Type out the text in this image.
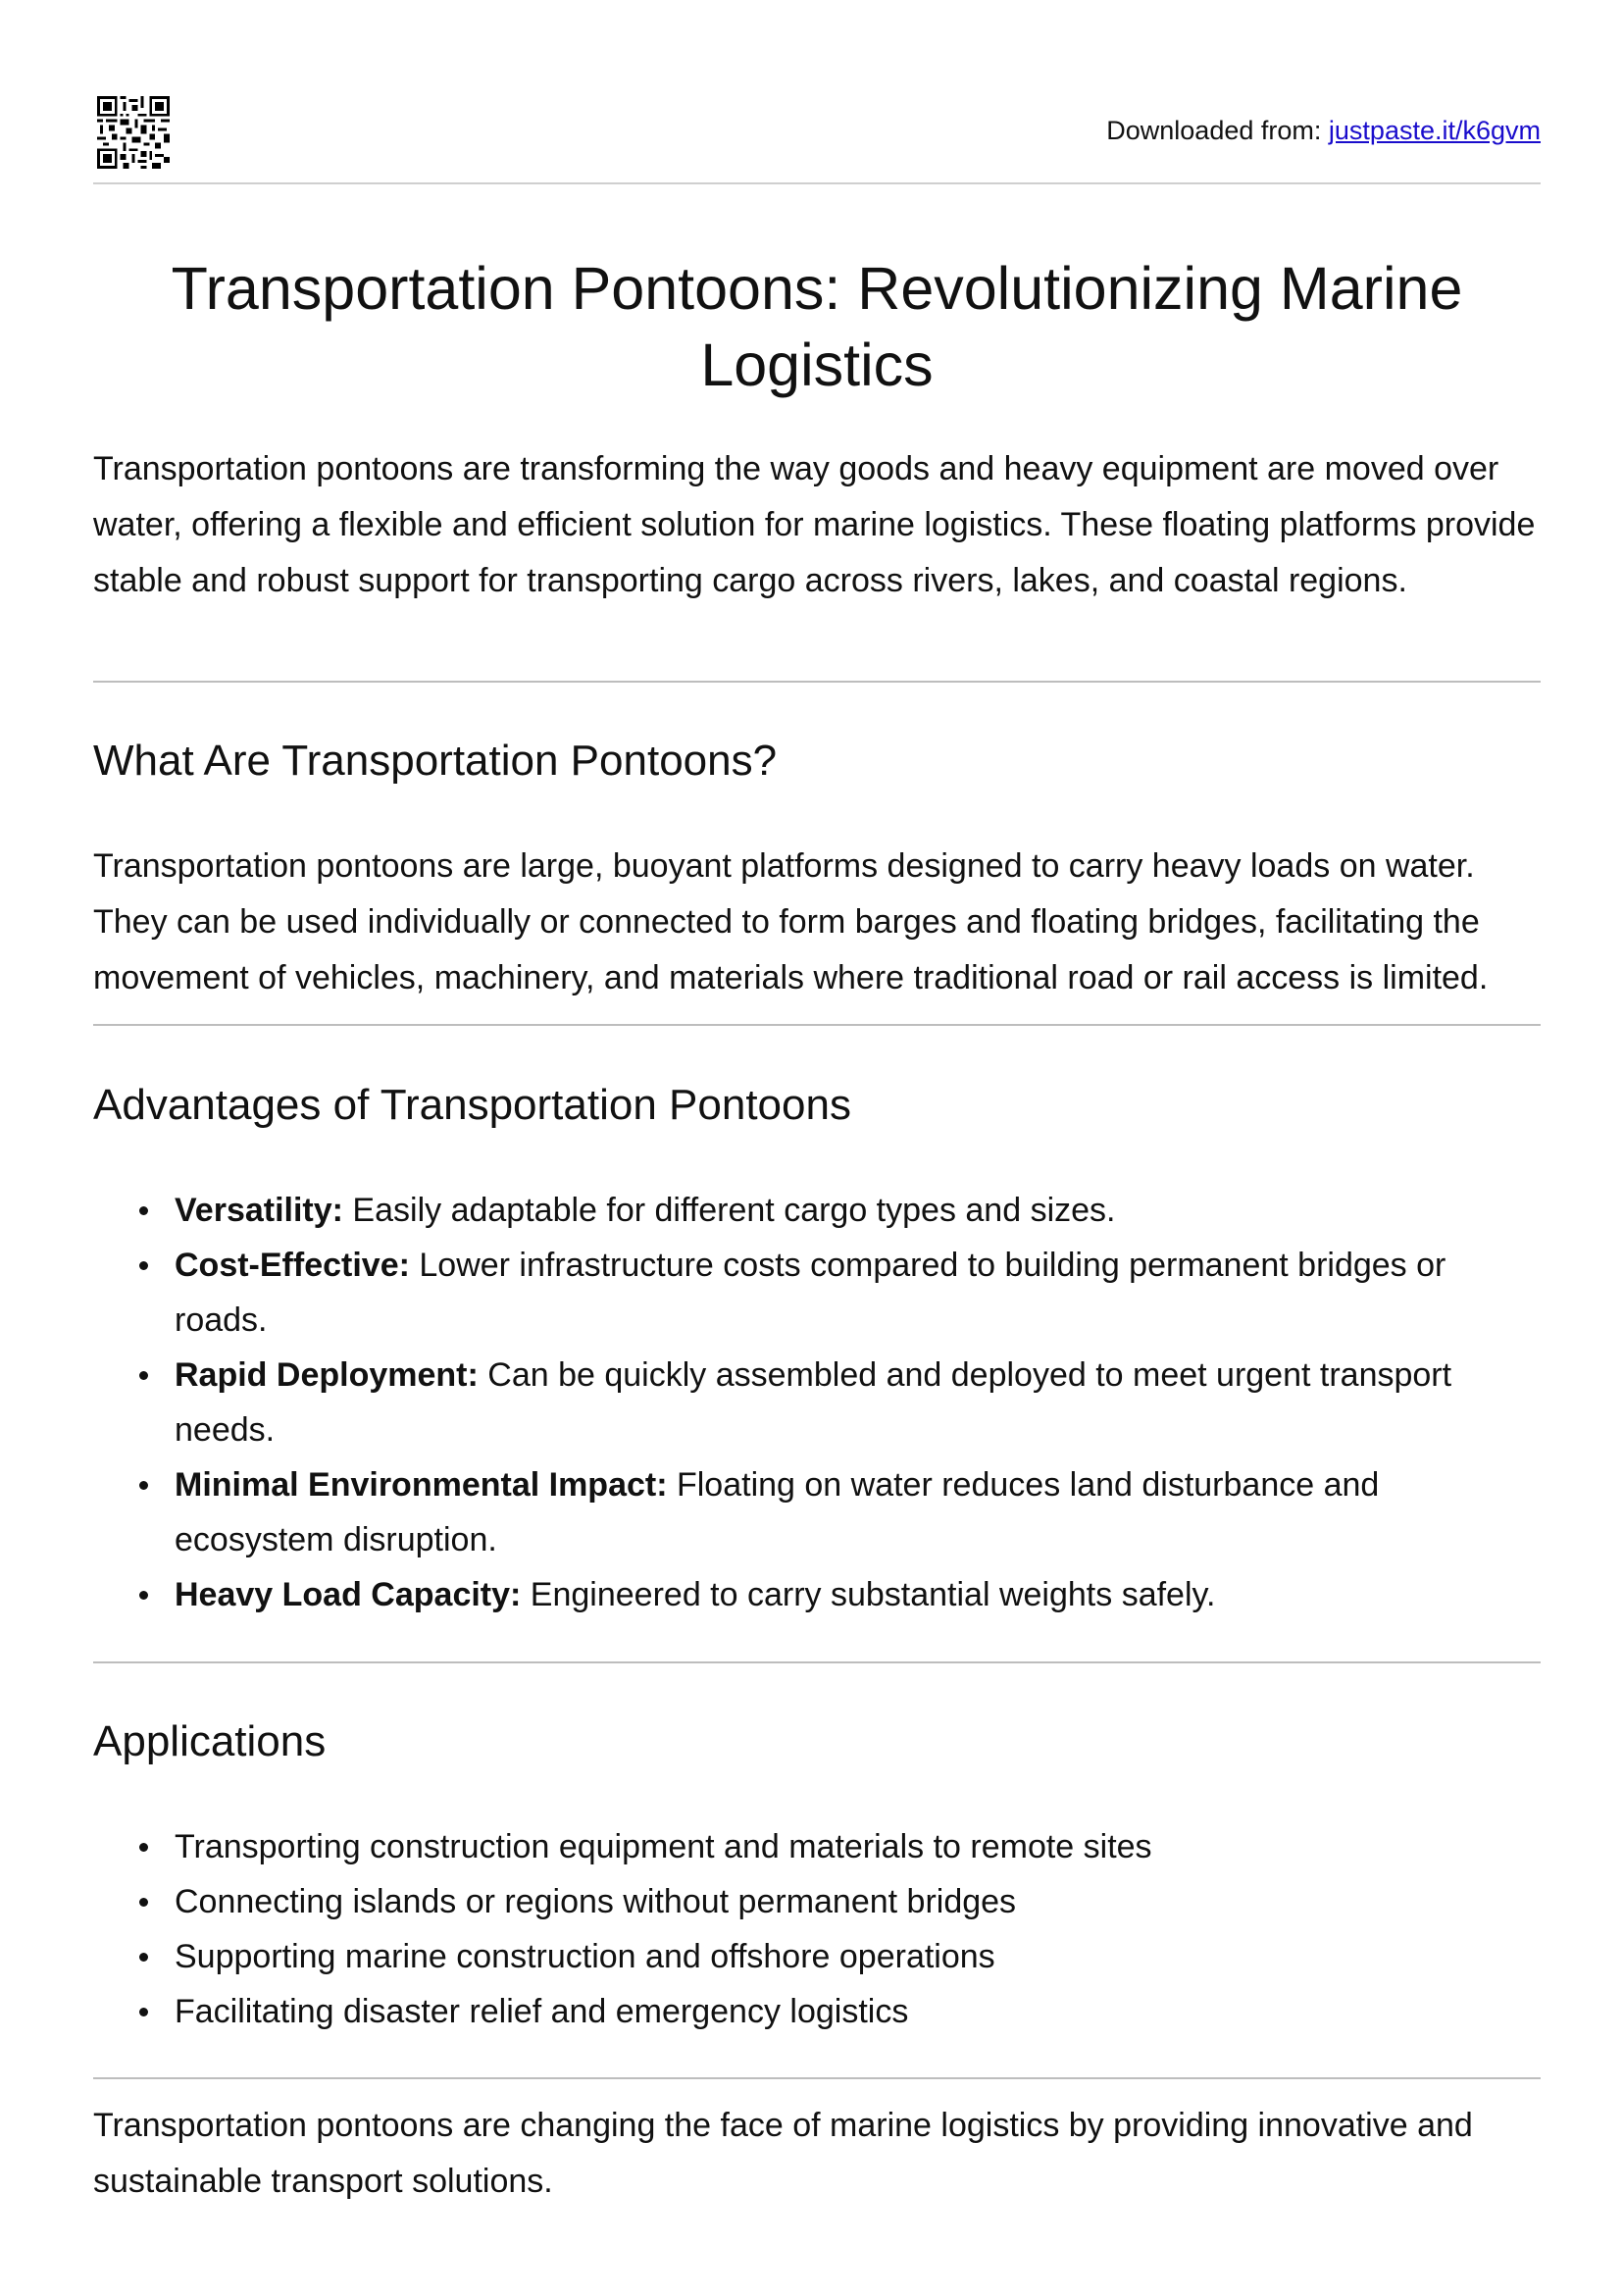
Downloaded from: justpaste.it/k6gvm
Transportation Pontoons: Revolutionizing Marine Logistics

Transportation pontoons are transforming the way goods and heavy equipment are moved over water, offering a flexible and efficient solution for marine logistics. These floating platforms provide stable and robust support for transporting cargo across rivers, lakes, and coastal regions.

What Are Transportation Pontoons?

Transportation pontoons are large, buoyant platforms designed to carry heavy loads on water. They can be used individually or connected to form barges and floating bridges, facilitating the movement of vehicles, machinery, and materials where traditional road or rail access is limited.

Advantages of Transportation Pontoons
Versatility: Easily adaptable for different cargo types and sizes.
Cost-Effective: Lower infrastructure costs compared to building permanent bridges or roads.
Rapid Deployment: Can be quickly assembled and deployed to meet urgent transport needs.
Minimal Environmental Impact: Floating on water reduces land disturbance and ecosystem disruption.
Heavy Load Capacity: Engineered to carry substantial weights safely.
Applications
Transporting construction equipment and materials to remote sites
Connecting islands or regions without permanent bridges
Supporting marine construction and offshore operations
Facilitating disaster relief and emergency logistics

Transportation pontoons are changing the face of marine logistics by providing innovative and sustainable transport solutions.
